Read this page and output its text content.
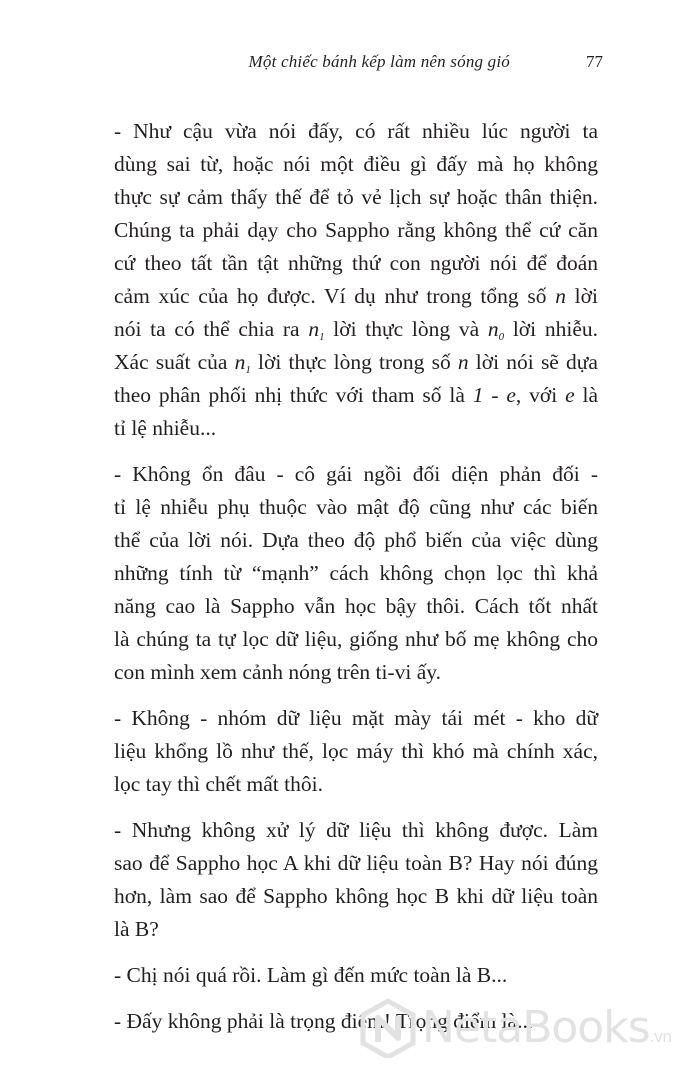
Một chiếc bánh kếp làm nên sóng gió	77

- Như cậu vừa nói đấy, có rất nhiều lúc người ta
dùng sai từ, hoặc nói một điều gì đấy mà họ không
thực sự cảm thấy thế để tỏ vẻ lịch sự hoặc thân thiện.
Chúng ta phải dạy cho Sappho rằng không thể cứ căn
cứ theo tất tần tật những thứ con người nói để đoán
cảm xúc của họ được. Ví dụ như trong tổng số n lời
nói ta có thể chia ra $n_1$ lời thực lòng và $n_0$ lời nhiễu.
Xác suất của $n_1$ lời thực lòng trong số n lời nói sẽ dựa
theo phân phối nhị thức với tham số là 1 - e, với e là
tỉ lệ nhiễu...

- Không ổn đâu - cô gái ngồi đối diện phản đối -
tỉ lệ nhiễu phụ thuộc vào mật độ cũng như các biến
thể của lời nói. Dựa theo độ phổ biến của việc dùng
những tính từ “mạnh” cách không chọn lọc thì khả
năng cao là Sappho vẫn học bậy thôi. Cách tốt nhất
là chúng ta tự lọc dữ liệu, giống như bố mẹ không cho
con mình xem cảnh nóng trên ti-vi ấy.

- Không - nhóm dữ liệu mặt mày tái mét - kho dữ
liệu khổng lồ như thế, lọc máy thì khó mà chính xác,
lọc tay thì chết mất thôi.

- Nhưng không xử lý dữ liệu thì không được. Làm
sao để Sappho học A khi dữ liệu toàn B? Hay nói đúng
hơn, làm sao để Sappho không học B khi dữ liệu toàn
là B?

- Chị nói quá rồi. Làm gì đến mức toàn là B...

- Đấy không phải là trọng điểm! Trọng điểm là...

NetaBooks.vn
